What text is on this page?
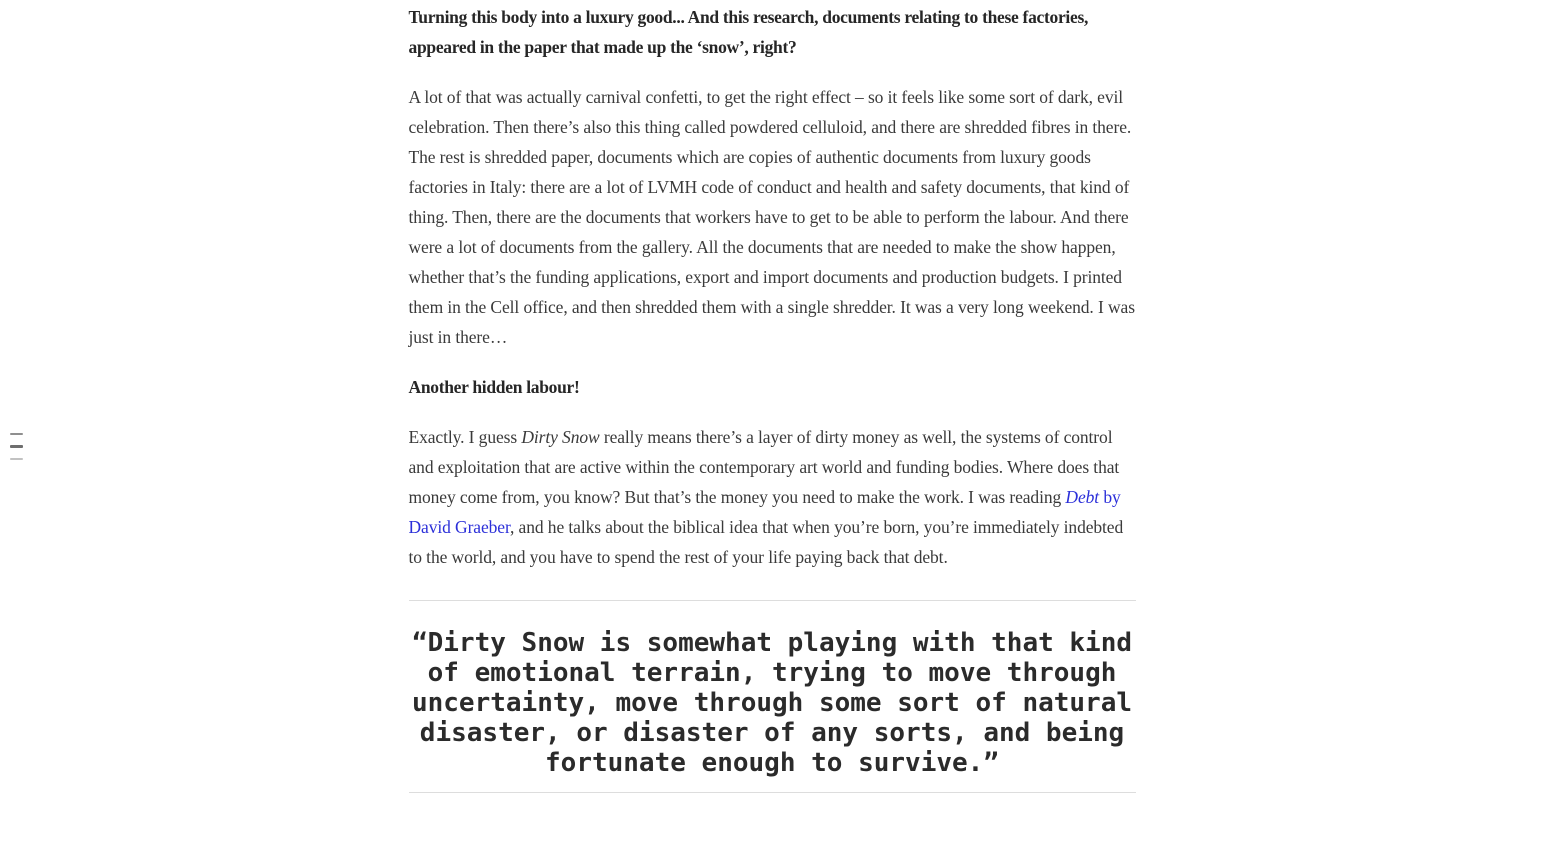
Turning this body into a luxury good... And this research, documents relating to these factories, appeared in the paper that made up the ‘snow’, right?

A lot of that was actually carnival confetti, to get the right effect – so it feels like some sort of dark, evil celebration. Then there’s also this thing called powdered celluloid, and there are shredded fibres in there. The rest is shredded paper, documents which are copies of authentic documents from luxury goods factories in Italy: there are a lot of LVMH code of conduct and health and safety documents, that kind of thing. Then, there are the documents that workers have to get to be able to perform the labour. And there were a lot of documents from the gallery. All the documents that are needed to make the show happen, whether that’s the funding applications, export and import documents and production budgets. I printed them in the Cell office, and then shredded them with a single shredder. It was a very long weekend. I was just in there…

Another hidden labour!

Exactly. I guess Dirty Snow really means there’s a layer of dirty money as well, the systems of control and exploitation that are active within the contemporary art world and funding bodies. Where does that money come from, you know? But that’s the money you need to make the work. I was reading Debt by David Graeber, and he talks about the biblical idea that when you’re born, you’re immediately indebted to the world, and you have to spend the rest of your life paying back that debt.

“Dirty Snow is somewhat playing with that kind of emotional terrain, trying to move through uncertainty, move through some sort of natural disaster, or disaster of any sorts, and being fortunate enough to survive.”
